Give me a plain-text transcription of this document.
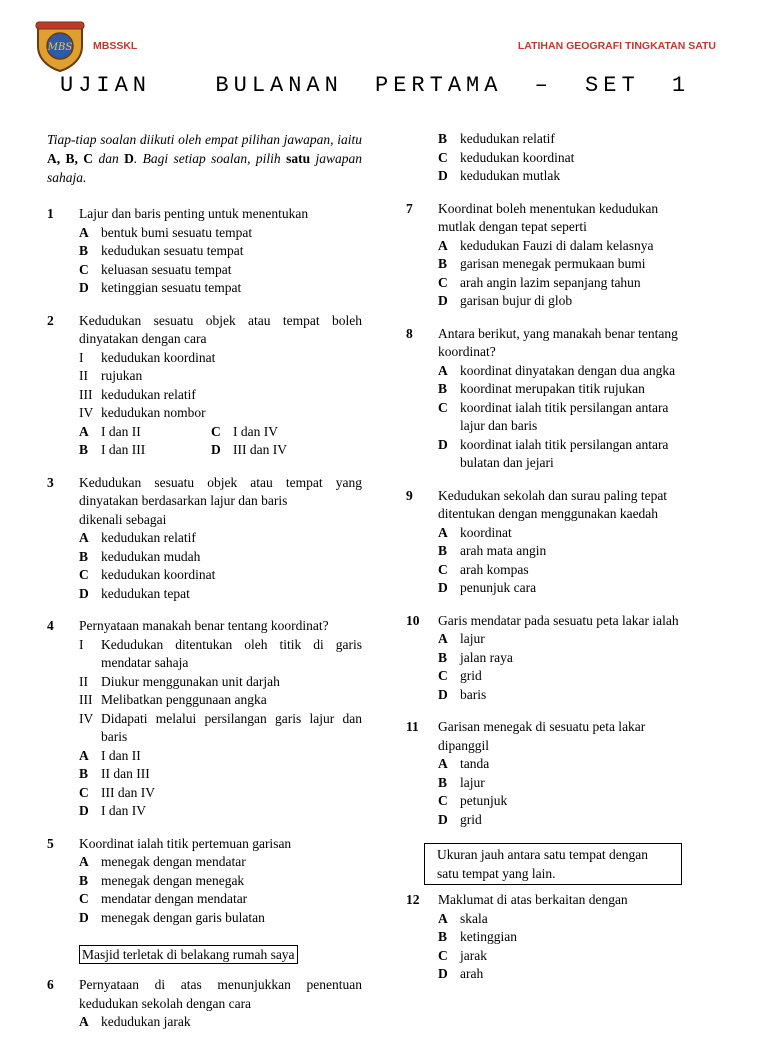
MBS MBSSKL	LATIHAN GEOGRAFI TINGKATAN SATU
UJIAN  BULANAN PERTAMA – SET 1
Tiap-tiap soalan diikuti oleh empat pilihan jawapan, iaitu A, B, C dan D. Bagi setiap soalan, pilih satu jawapan sahaja.
1	Lajur dan baris penting untuk menentukan
A bentuk bumi sesuatu tempat
B kedudukan sesuatu tempat
C keluasan sesuatu tempat
D ketinggian sesuatu tempat
2	Kedudukan sesuatu objek atau tempat boleh dinyatakan dengan cara
I kedudukan koordinat
II rujukan
III kedudukan relatif
IV kedudukan nombor
A I dan II	C I dan IV
B I dan III	D III dan IV
3	Kedudukan sesuatu objek atau tempat yang dinyatakan berdasarkan lajur dan baris
dikenali sebagai
A kedudukan relatif
B kedudukan mudah
C kedudukan koordinat
D kedudukan tepat
4	Pernyataan manakah benar tentang koordinat?
I Kedudukan ditentukan oleh titik di garis mendatar sahaja
II Diukur menggunakan unit darjah
III Melibatkan penggunaan angka
IV Didapati melalui persilangan garis lajur dan baris
A I dan II
B II dan III
C III dan IV
D I dan IV
5	Koordinat ialah titik pertemuan garisan
A menegak dengan mendatar
B menegak dengan menegak
C mendatar dengan mendatar
D menegak dengan garis bulatan
Masjid terletak di belakang rumah saya
6	Pernyataan di atas menunjukkan penentuan kedudukan sekolah dengan cara
A kedudukan jarak
B kedudukan relatif
C kedudukan koordinat
D kedudukan mutlak
7	Koordinat boleh menentukan kedudukan mutlak dengan tepat seperti
A kedudukan Fauzi di dalam kelasnya
B garisan menegak permukaan bumi
C arah angin lazim sepanjang tahun
D garisan bujur di glob
8	Antara berikut, yang manakah benar tentang koordinat?
A koordinat dinyatakan dengan dua angka
B koordinat merupakan titik rujukan
C koordinat ialah titik persilangan antara lajur dan baris
D koordinat ialah titik persilangan antara bulatan dan jejari
9	Kedudukan sekolah dan surau paling tepat ditentukan dengan menggunakan kaedah
A koordinat
B arah mata angin
C arah kompas
D penunjuk cara
10	Garis mendatar pada sesuatu peta lakar ialah
A lajur
B jalan raya
C grid
D baris
11	Garisan menegak di sesuatu peta lakar dipanggil
A tanda
B lajur
C petunjuk
D grid
Ukuran jauh antara satu tempat dengan satu tempat yang lain.
12	Maklumat di atas berkaitan dengan
A skala
B ketinggian
C jarak
D arah
